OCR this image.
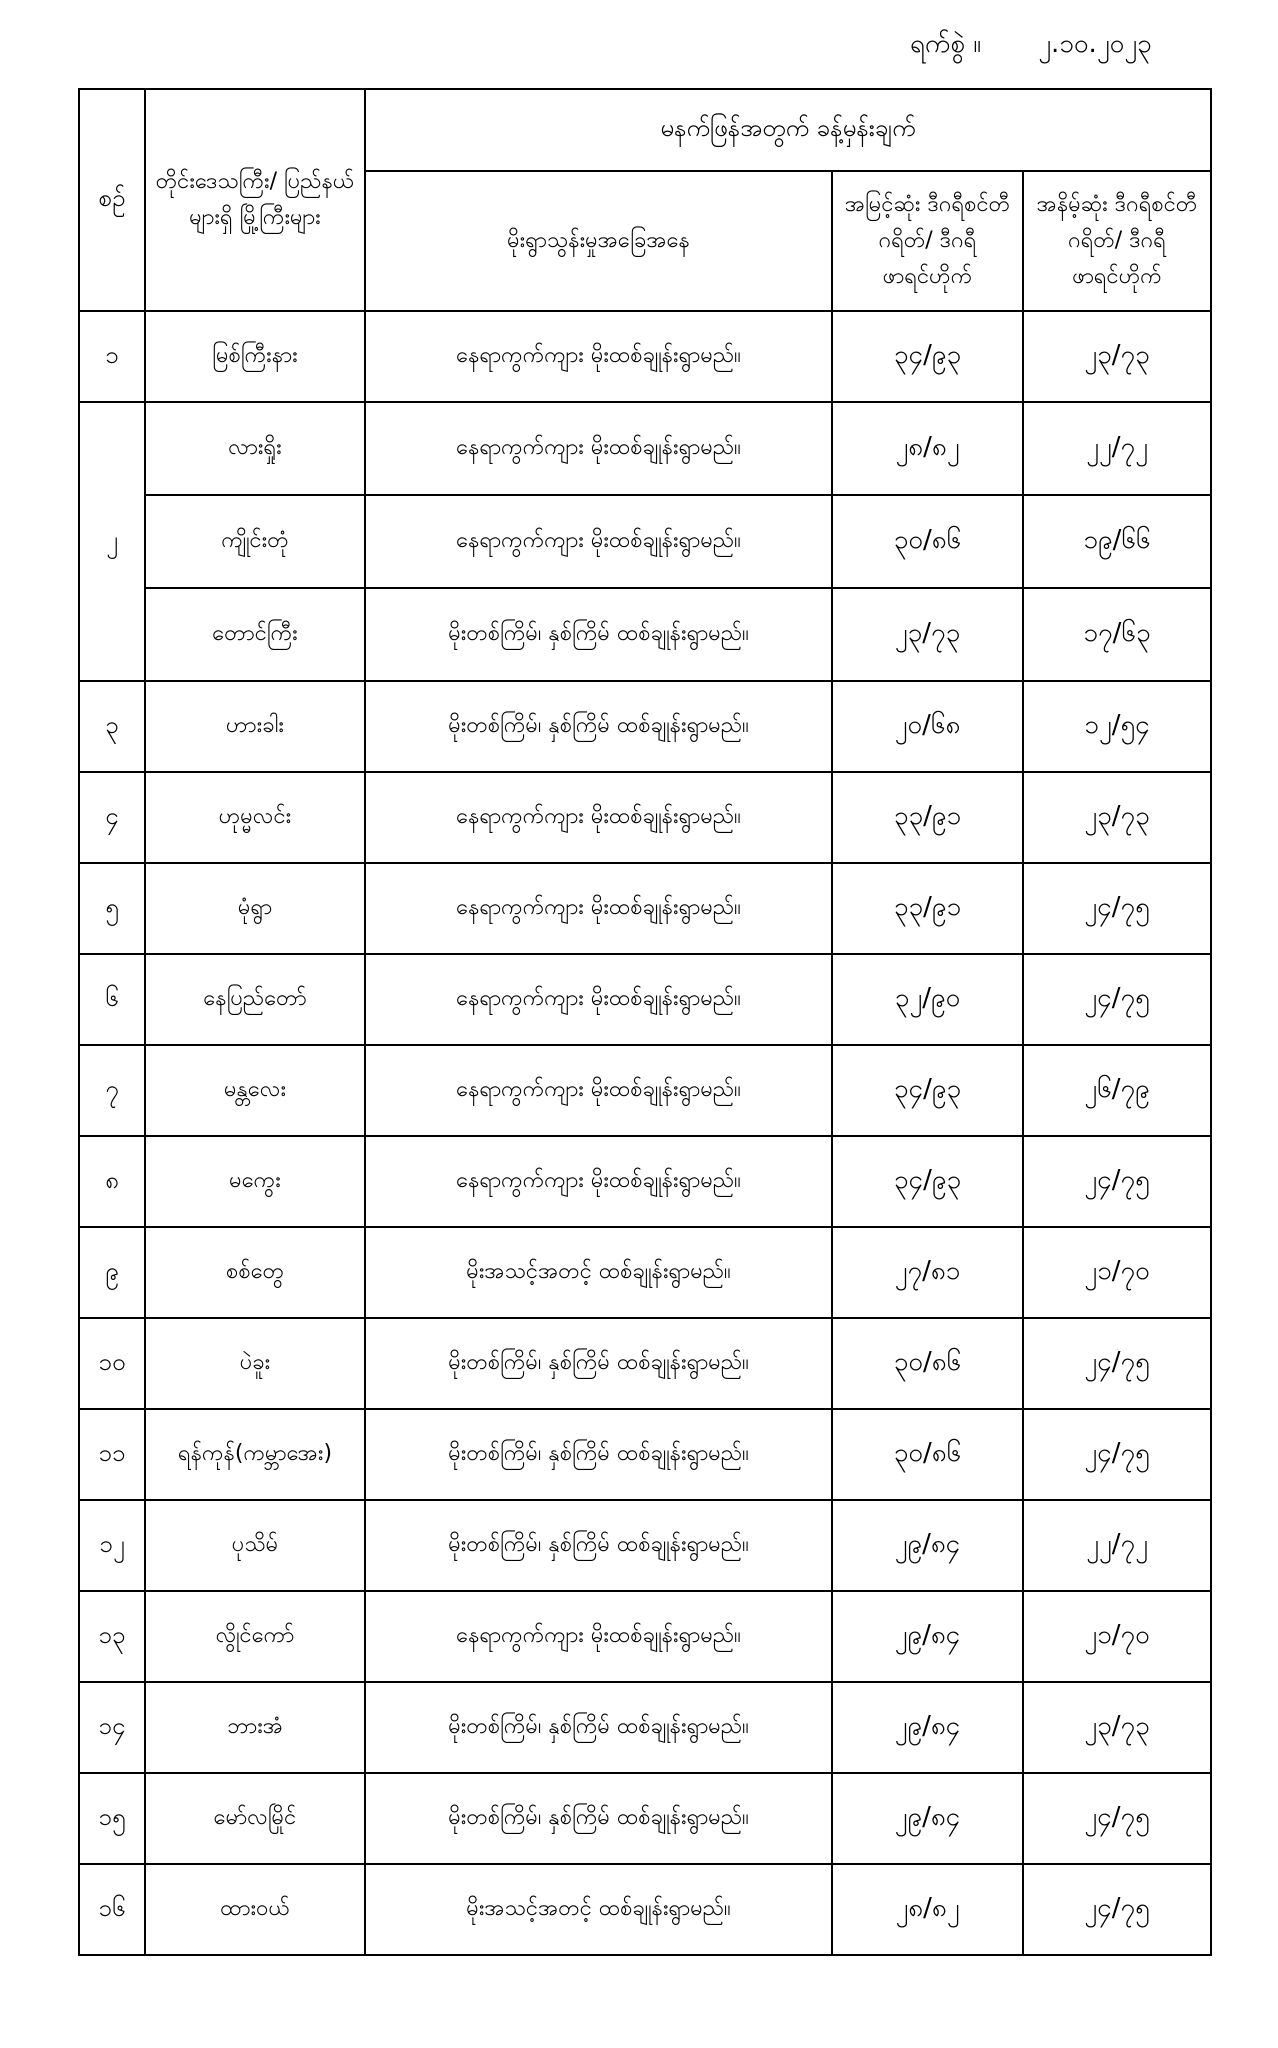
ရက်စွဲ ။ ၂.၁၀.၂၀၂၃
စဉ်	တိုင်းဒေသကြီး/ ပြည်နယ်များရှိ မြို့ကြီးများ	မနက်ဖြန်အတွက် ခန့်မှန်းချက်		
		မိုးရွာသွန်းမှုအခြေအနေ	အမြင့်ဆုံး ဒီဂရီစင်တီဂရိတ်/ ဒီဂရီဖာရင်ဟိုက်	အနိမ့်ဆုံး ဒီဂရီစင်တီဂရိတ်/ ဒီဂရီဖာရင်ဟိုက်
၁	မြစ်ကြီးနား	နေရာကွက်ကျား မိုးထစ်ချုန်းရွာမည်။	၃၄/၉၃	၂၃/၇၃
၂	လားရှိုး	နေရာကွက်ကျား မိုးထစ်ချုန်းရွာမည်။	၂၈/၈၂	၂၂/၇၂
	ကျိုင်းတုံ	နေရာကွက်ကျား မိုးထစ်ချုန်းရွာမည်။	၃၀/၈၆	၁၉/၆၆
	တောင်ကြီး	မိုးတစ်ကြိမ်၊ နှစ်ကြိမ် ထစ်ချုန်းရွာမည်။	၂၃/၇၃	၁၇/၆၃
၃	ဟားခါး	မိုးတစ်ကြိမ်၊ နှစ်ကြိမ် ထစ်ချုန်းရွာမည်။	၂၀/၆၈	၁၂/၅၄
၄	ဟုမ္မလင်း	နေရာကွက်ကျား မိုးထစ်ချုန်းရွာမည်။	၃၃/၉၁	၂၃/၇၃
၅	မုံရွာ	နေရာကွက်ကျား မိုးထစ်ချုန်းရွာမည်။	၃၃/၉၁	၂၄/၇၅
၆	နေပြည်တော်	နေရာကွက်ကျား မိုးထစ်ချုန်းရွာမည်။	၃၂/၉၀	၂၄/၇၅
၇	မန္တလေး	နေရာကွက်ကျား မိုးထစ်ချုန်းရွာမည်။	၃၄/၉၃	၂၆/၇၉
၈	မကွေး	နေရာကွက်ကျား မိုးထစ်ချုန်းရွာမည်။	၃၄/၉၃	၂၄/၇၅
၉	စစ်တွေ	မိုးအသင့်အတင့် ထစ်ချုန်းရွာမည်။	၂၇/၈၁	၂၁/၇၀
၁၀	ပဲခူး	မိုးတစ်ကြိမ်၊ နှစ်ကြိမ် ထစ်ချုန်းရွာမည်။	၃၀/၈၆	၂၄/၇၅
၁၁	ရန်ကုန်(ကမ္ဘာအေး)	မိုးတစ်ကြိမ်၊ နှစ်ကြိမ် ထစ်ချုန်းရွာမည်။	၃၀/၈၆	၂၄/၇၅
၁၂	ပုသိမ်	မိုးတစ်ကြိမ်၊ နှစ်ကြိမ် ထစ်ချုန်းရွာမည်။	၂၉/၈၄	၂၂/၇၂
၁၃	လွိုင်ကော်	နေရာကွက်ကျား မိုးထစ်ချုန်းရွာမည်။	၂၉/၈၄	၂၁/၇၀
၁၄	ဘားအံ	မိုးတစ်ကြိမ်၊ နှစ်ကြိမ် ထစ်ချုန်းရွာမည်။	၂၉/၈၄	၂၃/၇၃
၁၅	မော်လမြိုင်	မိုးတစ်ကြိမ်၊ နှစ်ကြိမ် ထစ်ချုန်းရွာမည်။	၂၉/၈၄	၂၄/၇၅
၁၆	ထားဝယ်	မိုးအသင့်အတင့် ထစ်ချုန်းရွာမည်။	၂၈/၈၂	၂၄/၇၅
